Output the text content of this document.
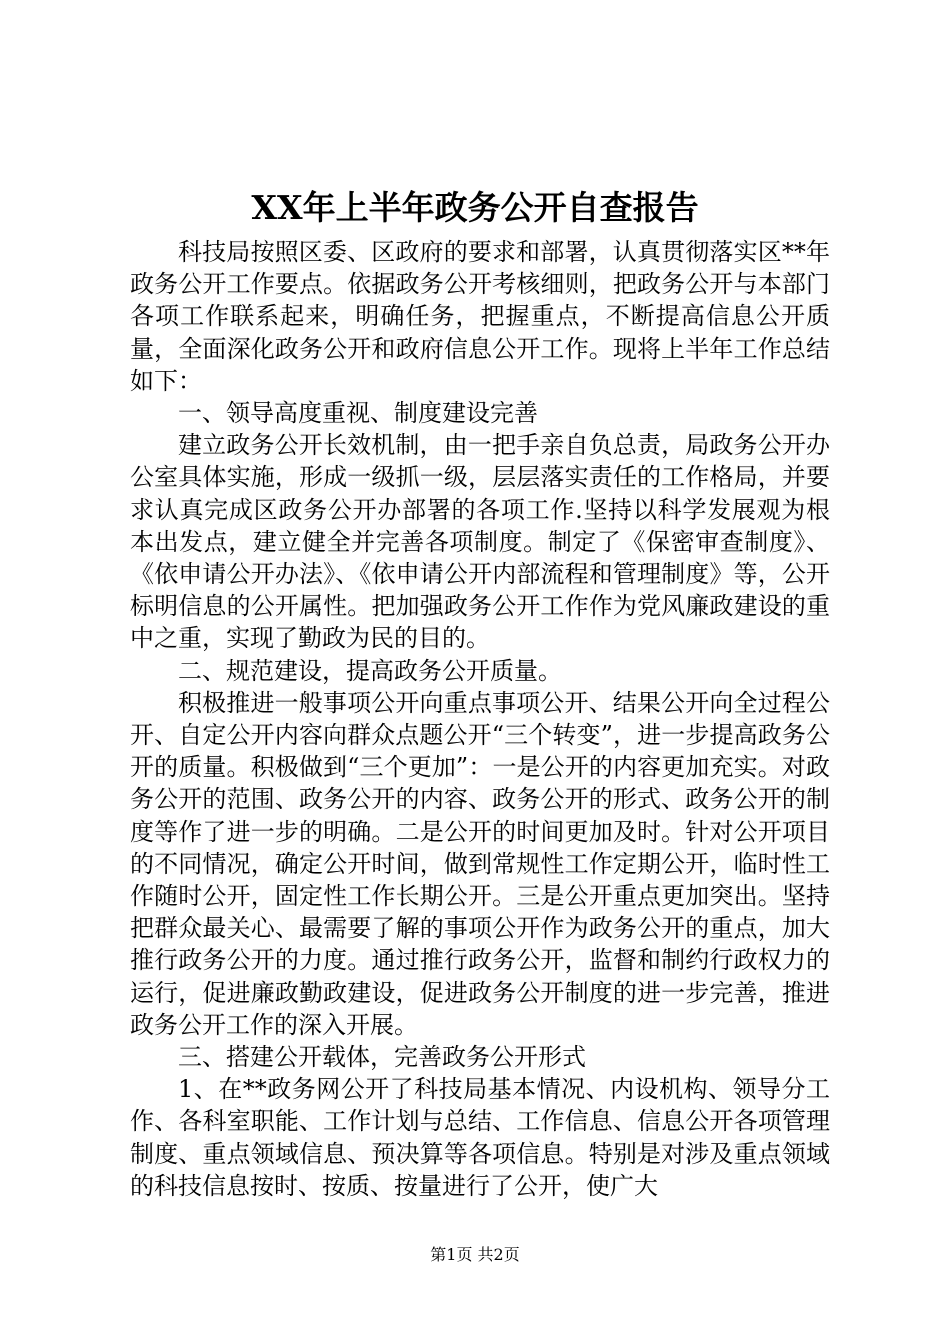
XX年上半年政务公开自查报告

科技局按照区委、区政府的要求和部署，认真贯彻落实区**年政务公开工作要点。依据政务公开考核细则，把政务公开与本部门各项工作联系起来，明确任务，把握重点，不断提高信息公开质量，全面深化政务公开和政府信息公开工作。现将上半年工作总结如下：

一、领导高度重视、制度建设完善

建立政务公开长效机制，由一把手亲自负总责，局政务公开办公室具体实施，形成一级抓一级，层层落实责任的工作格局，并要求认真完成区政务公开办部署的各项工作.坚持以科学发展观为根本出发点，建立健全并完善各项制度。制定了《保密审查制度》、《依申请公开办法》、《依申请公开内部流程和管理制度》等，公开标明信息的公开属性。把加强政务公开工作作为党风廉政建设的重中之重，实现了勤政为民的目的。

二、规范建设，提高政务公开质量。

积极推进一般事项公开向重点事项公开、结果公开向全过程公开、自定公开内容向群众点题公开“三个转变”，进一步提高政务公开的质量。积极做到“三个更加”：一是公开的内容更加充实。对政务公开的范围、政务公开的内容、政务公开的形式、政务公开的制度等作了进一步的明确。二是公开的时间更加及时。针对公开项目的不同情况，确定公开时间，做到常规性工作定期公开，临时性工作随时公开，固定性工作长期公开。三是公开重点更加突出。坚持把群众最关心、最需要了解的事项公开作为政务公开的重点，加大推行政务公开的力度。通过推行政务公开，监督和制约行政权力的运行，促进廉政勤政建设，促进政务公开制度的进一步完善，推进政务公开工作的深入开展。

三、搭建公开载体，完善政务公开形式

1、在**政务网公开了科技局基本情况、内设机构、领导分工作、各科室职能、工作计划与总结、工作信息、信息公开各项管理制度、重点领域信息、预决算等各项信息。特别是对涉及重点领域的科技信息按时、按质、按量进行了公开，使广大

第1页 共2页
